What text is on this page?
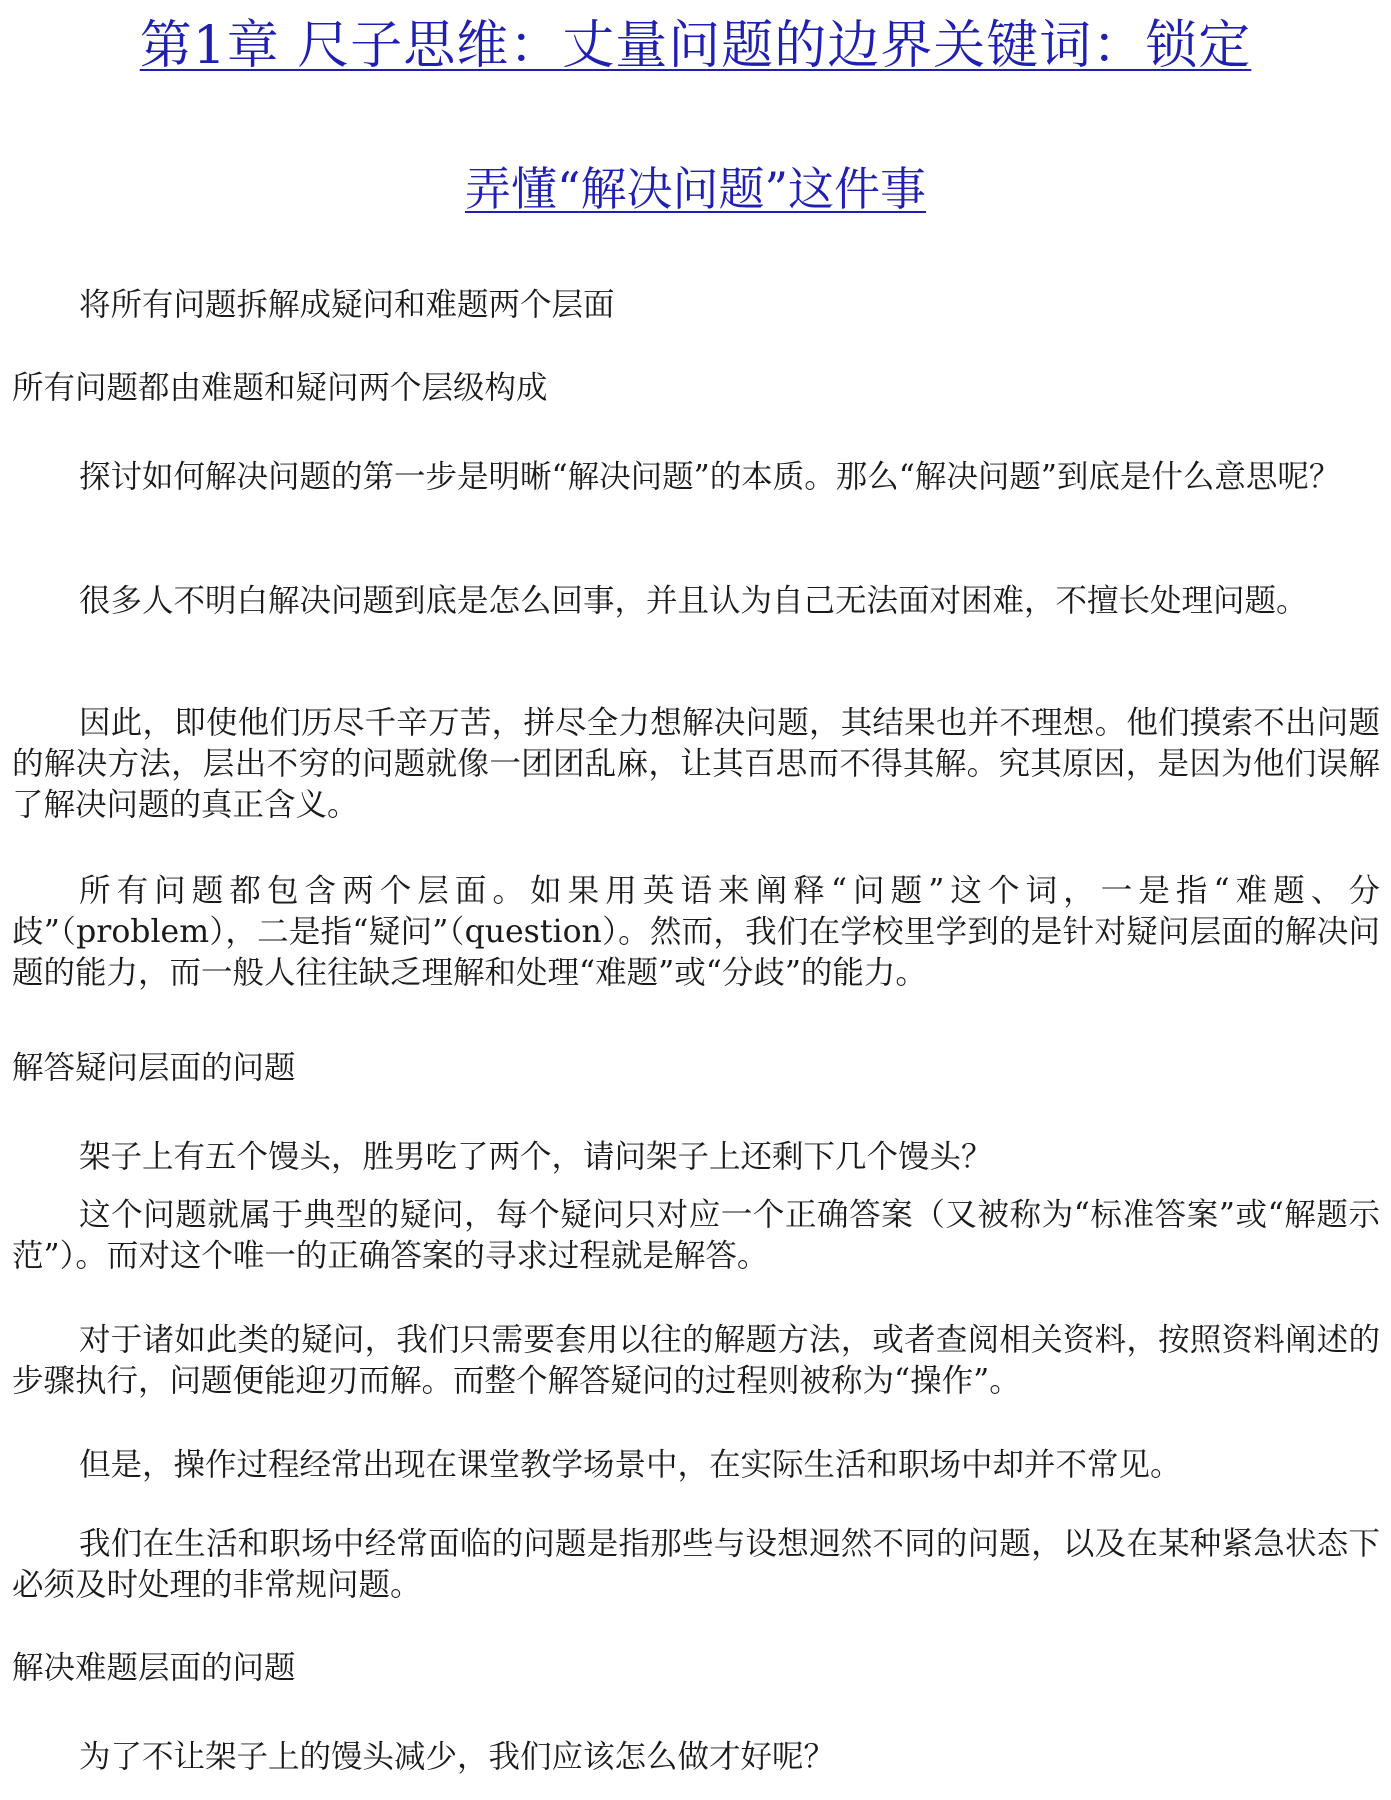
第1章 尺子思维：丈量问题的边界关键词：锁定
弄懂“解决问题”这件事

将所有问题拆解成疑问和难题两个层面

所有问题都由难题和疑问两个层级构成

探讨如何解决问题的第一步是明晰“解决问题”的本质。那么“解决问题”到底是什么意思呢？

很多人不明白解决问题到底是怎么回事，并且认为自己无法面对困难，不擅长处理问题。

因此，即使他们历尽千辛万苦，拼尽全力想解决问题，其结果也并不理想。他们摸索不出问题的解决方法，层出不穷的问题就像一团团乱麻，让其百思而不得其解。究其原因，是因为他们误解了解决问题的真正含义。

所有问题都包含两个层面。如果用英语来阐释“问题”这个词，一是指“难题、分歧”（problem），二是指“疑问”（question）。然而，我们在学校里学到的是针对疑问层面的解决问题的能力，而一般人往往缺乏理解和处理“难题”或“分歧”的能力。

解答疑问层面的问题

架子上有五个馒头，胜男吃了两个，请问架子上还剩下几个馒头？

这个问题就属于典型的疑问，每个疑问只对应一个正确答案（又被称为“标准答案”或“解题示范”）。而对这个唯一的正确答案的寻求过程就是解答。

对于诸如此类的疑问，我们只需要套用以往的解题方法，或者查阅相关资料，按照资料阐述的步骤执行，问题便能迎刃而解。而整个解答疑问的过程则被称为“操作”。

但是，操作过程经常出现在课堂教学场景中，在实际生活和职场中却并不常见。

我们在生活和职场中经常面临的问题是指那些与设想迥然不同的问题，以及在某种紧急状态下必须及时处理的非常规问题。

解决难题层面的问题

为了不让架子上的馒头减少，我们应该怎么做才好呢？
